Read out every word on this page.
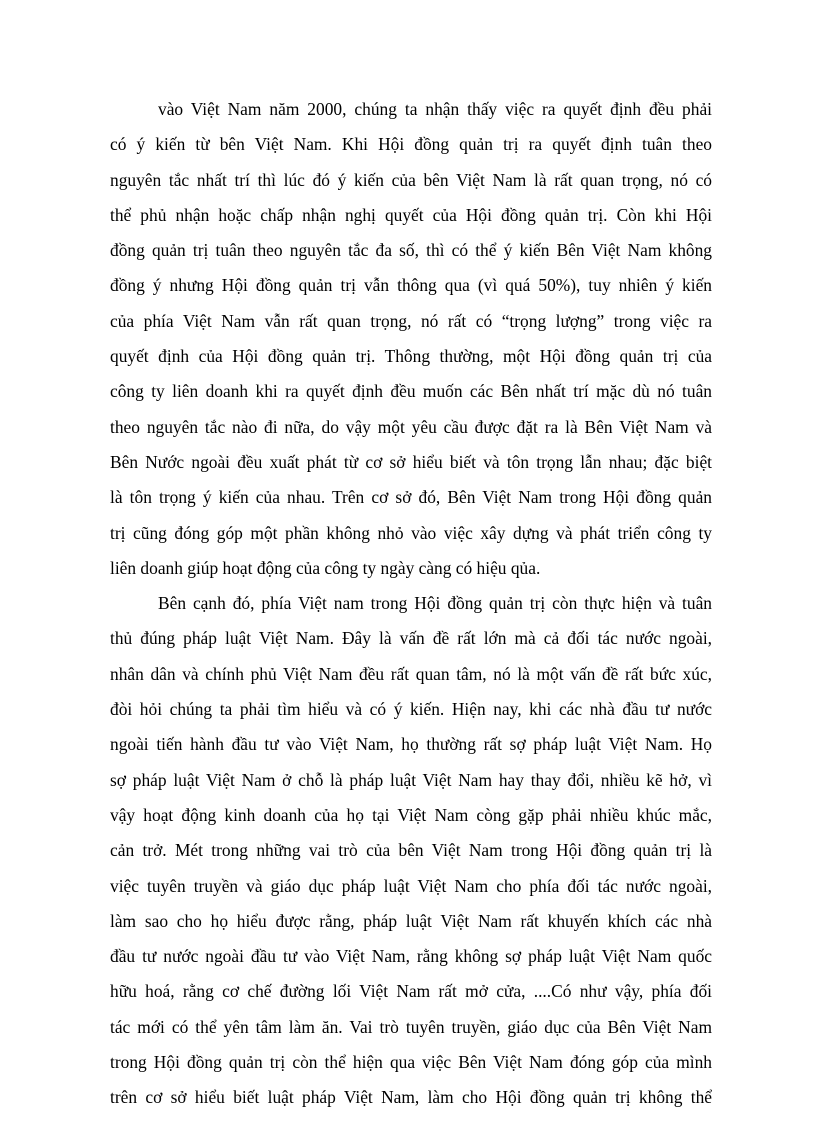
vào Việt Nam năm 2000, chúng ta nhận thấy việc ra quyết định đều phải
có ý kiến từ bên Việt Nam. Khi Hội đồng quản trị ra quyết định tuân theo
nguyên tắc nhất trí thì lúc đó ý kiến của bên Việt Nam là rất quan trọng, nó có
thể phủ nhận hoặc chấp nhận nghị quyết của Hội đồng quản trị. Còn khi Hội
đồng quản trị tuân theo nguyên tắc đa số, thì có thể ý kiến Bên Việt Nam không
đồng ý nhưng Hội đồng quản trị vẫn thông qua (vì quá 50%), tuy nhiên ý kiến
của phía Việt Nam vẫn rất quan trọng, nó rất có “trọng lượng” trong việc ra
quyết định của Hội đồng quản trị. Thông thường, một Hội đồng quản trị của
công ty liên doanh khi ra quyết định đều muốn các Bên nhất trí mặc dù nó tuân
theo nguyên tắc nào đi nữa, do vậy một yêu cầu được đặt ra là Bên Việt Nam và
Bên Nước ngoài đều xuất phát từ cơ sở hiểu biết và tôn trọng lẫn nhau; đặc biệt
là tôn trọng ý kiến của nhau. Trên cơ sở đó, Bên Việt Nam trong Hội đồng quản
trị cũng đóng góp một phần không nhỏ vào việc xây dựng và phát triển công ty
liên doanh giúp hoạt động của công ty ngày càng có hiệu qủa.
Bên cạnh đó, phía Việt nam trong Hội đồng quản trị còn thực hiện và tuân
thủ đúng pháp luật Việt Nam. Đây là vấn đề rất lớn mà cả đối tác nước ngoài,
nhân dân và chính phủ Việt Nam đều rất quan tâm, nó là một vấn đề rất bức xúc,
đòi hỏi chúng ta phải tìm hiểu và có ý kiến. Hiện nay, khi các nhà đầu tư nước
ngoài tiến hành đầu tư vào Việt Nam, họ thường rất sợ pháp luật Việt Nam. Họ
sợ pháp luật Việt Nam ở chỗ là pháp luật Việt Nam hay thay đổi, nhiều kẽ hở, vì
vậy hoạt động kinh doanh của họ tại Việt Nam còng gặp phải nhiều khúc mắc,
cản trở. Mét trong những vai trò của bên Việt Nam trong Hội đồng quản trị là
việc tuyên truyền và giáo dục pháp luật Việt Nam cho phía đối tác nước ngoài,
làm sao cho họ hiểu được rằng, pháp luật Việt Nam rất khuyến khích các nhà
đầu tư nước ngoài đầu tư vào Việt Nam, rằng không sợ pháp luật Việt Nam quốc
hữu hoá, rằng cơ chế đường lối Việt Nam rất mở cửa, ....Có như vậy, phía đối
tác mới có thể yên tâm làm ăn. Vai trò tuyên truyền, giáo dục của Bên Việt Nam
trong Hội đồng quản trị còn thể hiện qua việc Bên Việt Nam đóng góp của mình
trên cơ sở hiểu biết luật pháp Việt Nam, làm cho Hội đồng quản trị không thể
